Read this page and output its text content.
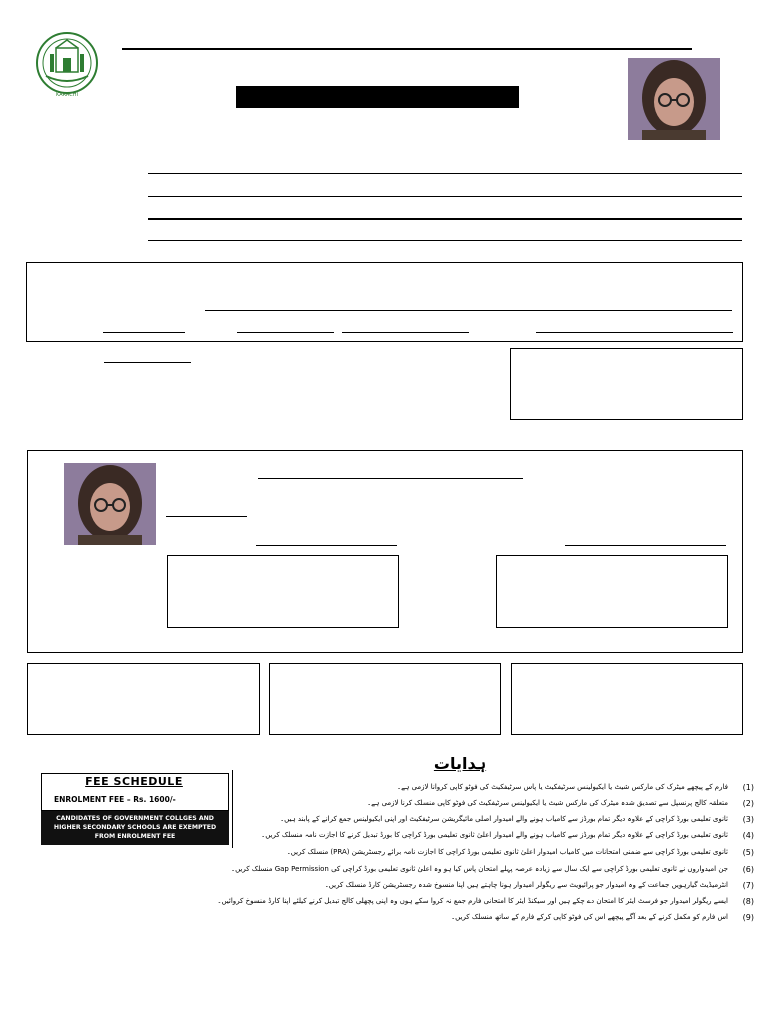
KARACHI
FEE SCHEDULE
ENROLMENT FEE – Rs. 1600/-
CANDIDATES OF GOVERNMENT COLLGES AND HIGHER SECONDARY SCHOOLS ARE EXEMPTED FROM ENROLMENT FEE
ہدایات
(1)
فارم کے پیچھے میٹرک کی مارکس شیٹ یا ایکیولینس سرٹیفکیٹ یا پاس سرٹیفکیٹ کی فوٹو کاپی کروانا لازمی ہے۔
(2)
متعلقہ کالج پرنسپل سے تصدیق شدہ میٹرک کی مارکس شیٹ یا ایکیولینس سرٹیفکیٹ کی فوٹو کاپی منسلک کرنا لازمی ہے۔
(3)
ثانوی تعلیمی بورڈ کراچی کے علاوہ دیگر تمام بورڈز سے کامیاب ہونے والے امیدوار اصلی مائیگریشن سرٹیفکیٹ اور اپنی ایکیولینس جمع کرانے کے پابند ہیں۔
(4)
ثانوی تعلیمی بورڈ کراچی کے علاوہ دیگر تمام بورڈز سے کامیاب ہونے والے امیدوار اعلیٰ ثانوی تعلیمی بورڈ کراچی کا بورڈ تبدیل کرنے کا اجازت نامہ منسلک کریں۔
(5)
ثانوی تعلیمی بورڈ کراچی سے ضمنی امتحانات میں کامیاب امیدوار اعلیٰ ثانوی تعلیمی بورڈ کراچی کا اجازت نامہ برائے رجسٹریشن (PRA) منسلک کریں۔
(6)
جن امیدواروں نے ثانوی تعلیمی بورڈ کراچی سے ایک سال سے زیادہ عرصہ پہلے امتحان پاس کیا ہو وہ اعلیٰ ثانوی تعلیمی بورڈ کراچی کی Gap Permission منسلک کریں۔
(7)
انٹرمیڈیٹ گیارہویں جماعت کے وہ امیدوار جو پرائیویٹ سے ریگولر امیدوار ہونا چاہتے ہیں اپنا منسوخ شدہ رجسٹریشن کارڈ منسلک کریں۔
(8)
ایسے ریگولر امیدوار جو فرسٹ ایئر کا امتحان دے چکے ہیں اور سیکنڈ ایئر کا امتحانی فارم جمع نہ کروا سکے ہوں وہ اپنی پچھلی کالج تبدیل کرنے کیلئے اپنا کارڈ منسوخ کروائیں۔
(9)
اس فارم کو مکمل کرنے کے بعد آگے پیچھے اس کی فوٹو کاپی کرکے فارم کے ساتھ منسلک کریں۔
